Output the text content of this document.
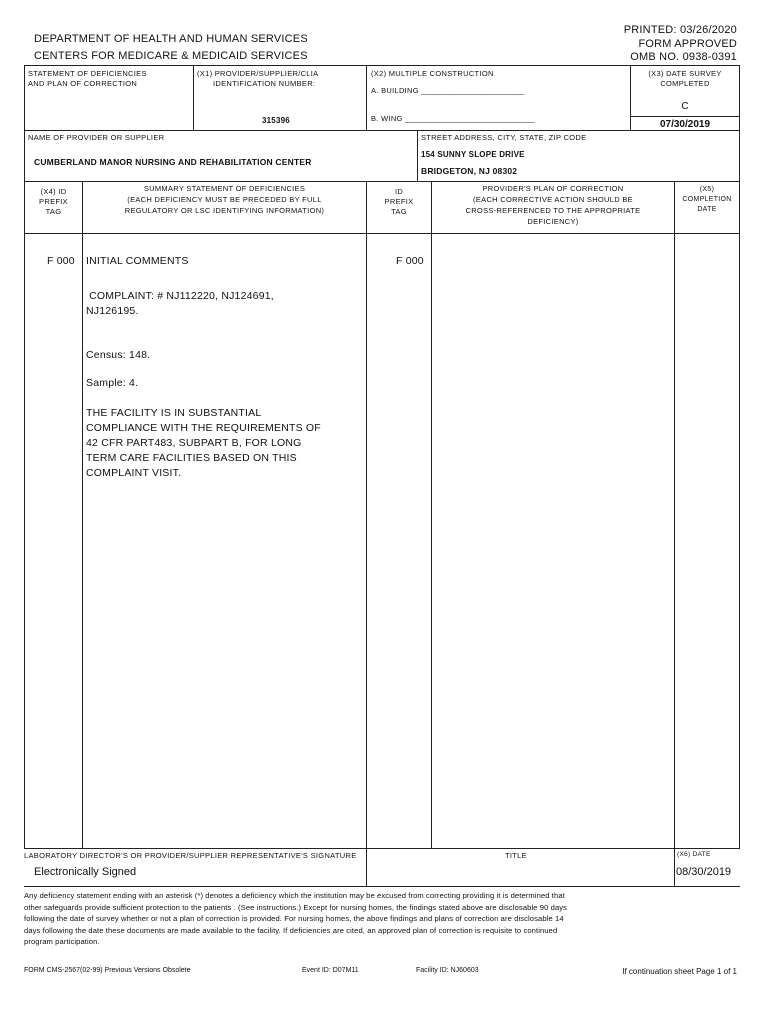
DEPARTMENT OF HEALTH AND HUMAN SERVICES
CENTERS FOR MEDICARE & MEDICAID SERVICES
PRINTED: 03/26/2020
FORM APPROVED
OMB NO. 0938-0391
STATEMENT OF DEFICIENCIES
AND PLAN OF CORRECTION
(X1) PROVIDER/SUPPLIER/CLIA
IDENTIFICATION NUMBER:
315396
(X2) MULTIPLE CONSTRUCTION
A. BUILDING _______________________
B. WING _____________________________
(X3) DATE SURVEY
COMPLETED
C
07/30/2019
NAME OF PROVIDER OR SUPPLIER
CUMBERLAND MANOR NURSING AND REHABILITATION CENTER
STREET ADDRESS, CITY, STATE, ZIP CODE
154 SUNNY SLOPE DRIVE
BRIDGETON, NJ 08302
(X4) ID
PREFIX
TAG
SUMMARY STATEMENT OF DEFICIENCIES
(EACH DEFICIENCY MUST BE PRECEDED BY FULL
REGULATORY OR LSC IDENTIFYING INFORMATION)
ID
PREFIX
TAG
PROVIDER'S PLAN OF CORRECTION
(EACH CORRECTIVE ACTION SHOULD BE
CROSS-REFERENCED TO THE APPROPRIATE
DEFICIENCY)
(X5)
COMPLETION
DATE
F 000 INITIAL COMMENTS	F 000
COMPLAINT: # NJ112220, NJ124691,
NJ126195.
Census: 148.
Sample: 4.
THE FACILITY IS IN SUBSTANTIAL
COMPLIANCE WITH THE REQUIREMENTS OF
42 CFR PART483, SUBPART B, FOR LONG
TERM CARE FACILITIES BASED ON THIS
COMPLAINT VISIT.
LABORATORY DIRECTOR'S OR PROVIDER/SUPPLIER REPRESENTATIVE'S SIGNATURE	TITLE	(X6) DATE
Electronically Signed	08/30/2019
Any deficiency statement ending with an asterisk (*) denotes a deficiency which the institution may be excused from correcting providing it is determined that
other safeguards provide sufficient protection to the patients . (See instructions.) Except for nursing homes, the findings stated above are disclosable 90 days
following the date of survey whether or not a plan of correction is provided. For nursing homes, the above findings and plans of correction are disclosable 14
days following the date these documents are made available to the facility. If deficiencies are cited, an approved plan of correction is requisite to continued
program participation.
FORM CMS-2567(02-99) Previous Versions Obsolete	Event ID: D07M11	Facility ID: NJ60603	If continuation sheet Page 1 of 1
